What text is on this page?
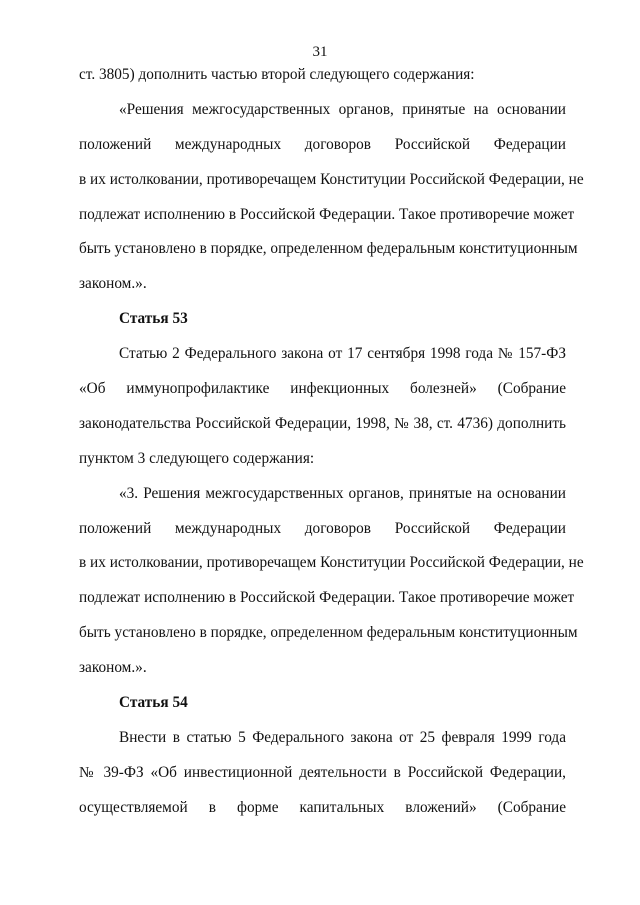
31
ст. 3805) дополнить частью второй следующего содержания:
«Решения межгосударственных органов, принятые на основании
положений международных договоров Российской Федерации
в их истолковании, противоречащем Конституции Российской Федерации, не
подлежат исполнению в Российской Федерации. Такое противоречие может
быть установлено в порядке, определенном федеральным конституционным
законом.».
Статья 53
Статью 2 Федерального закона от 17 сентября 1998 года № 157-ФЗ
«Об иммунопрофилактике инфекционных болезней» (Собрание
законодательства Российской Федерации, 1998, № 38, ст. 4736) дополнить
пунктом 3 следующего содержания:
«3. Решения межгосударственных органов, принятые на основании
положений международных договоров Российской Федерации
в их истолковании, противоречащем Конституции Российской Федерации, не
подлежат исполнению в Российской Федерации. Такое противоречие может
быть установлено в порядке, определенном федеральным конституционным
законом.».
Статья 54
Внести в статью 5 Федерального закона от 25 февраля 1999 года
№ 39-ФЗ «Об инвестиционной деятельности в Российской Федерации,
осуществляемой в форме капитальных вложений» (Собрание
